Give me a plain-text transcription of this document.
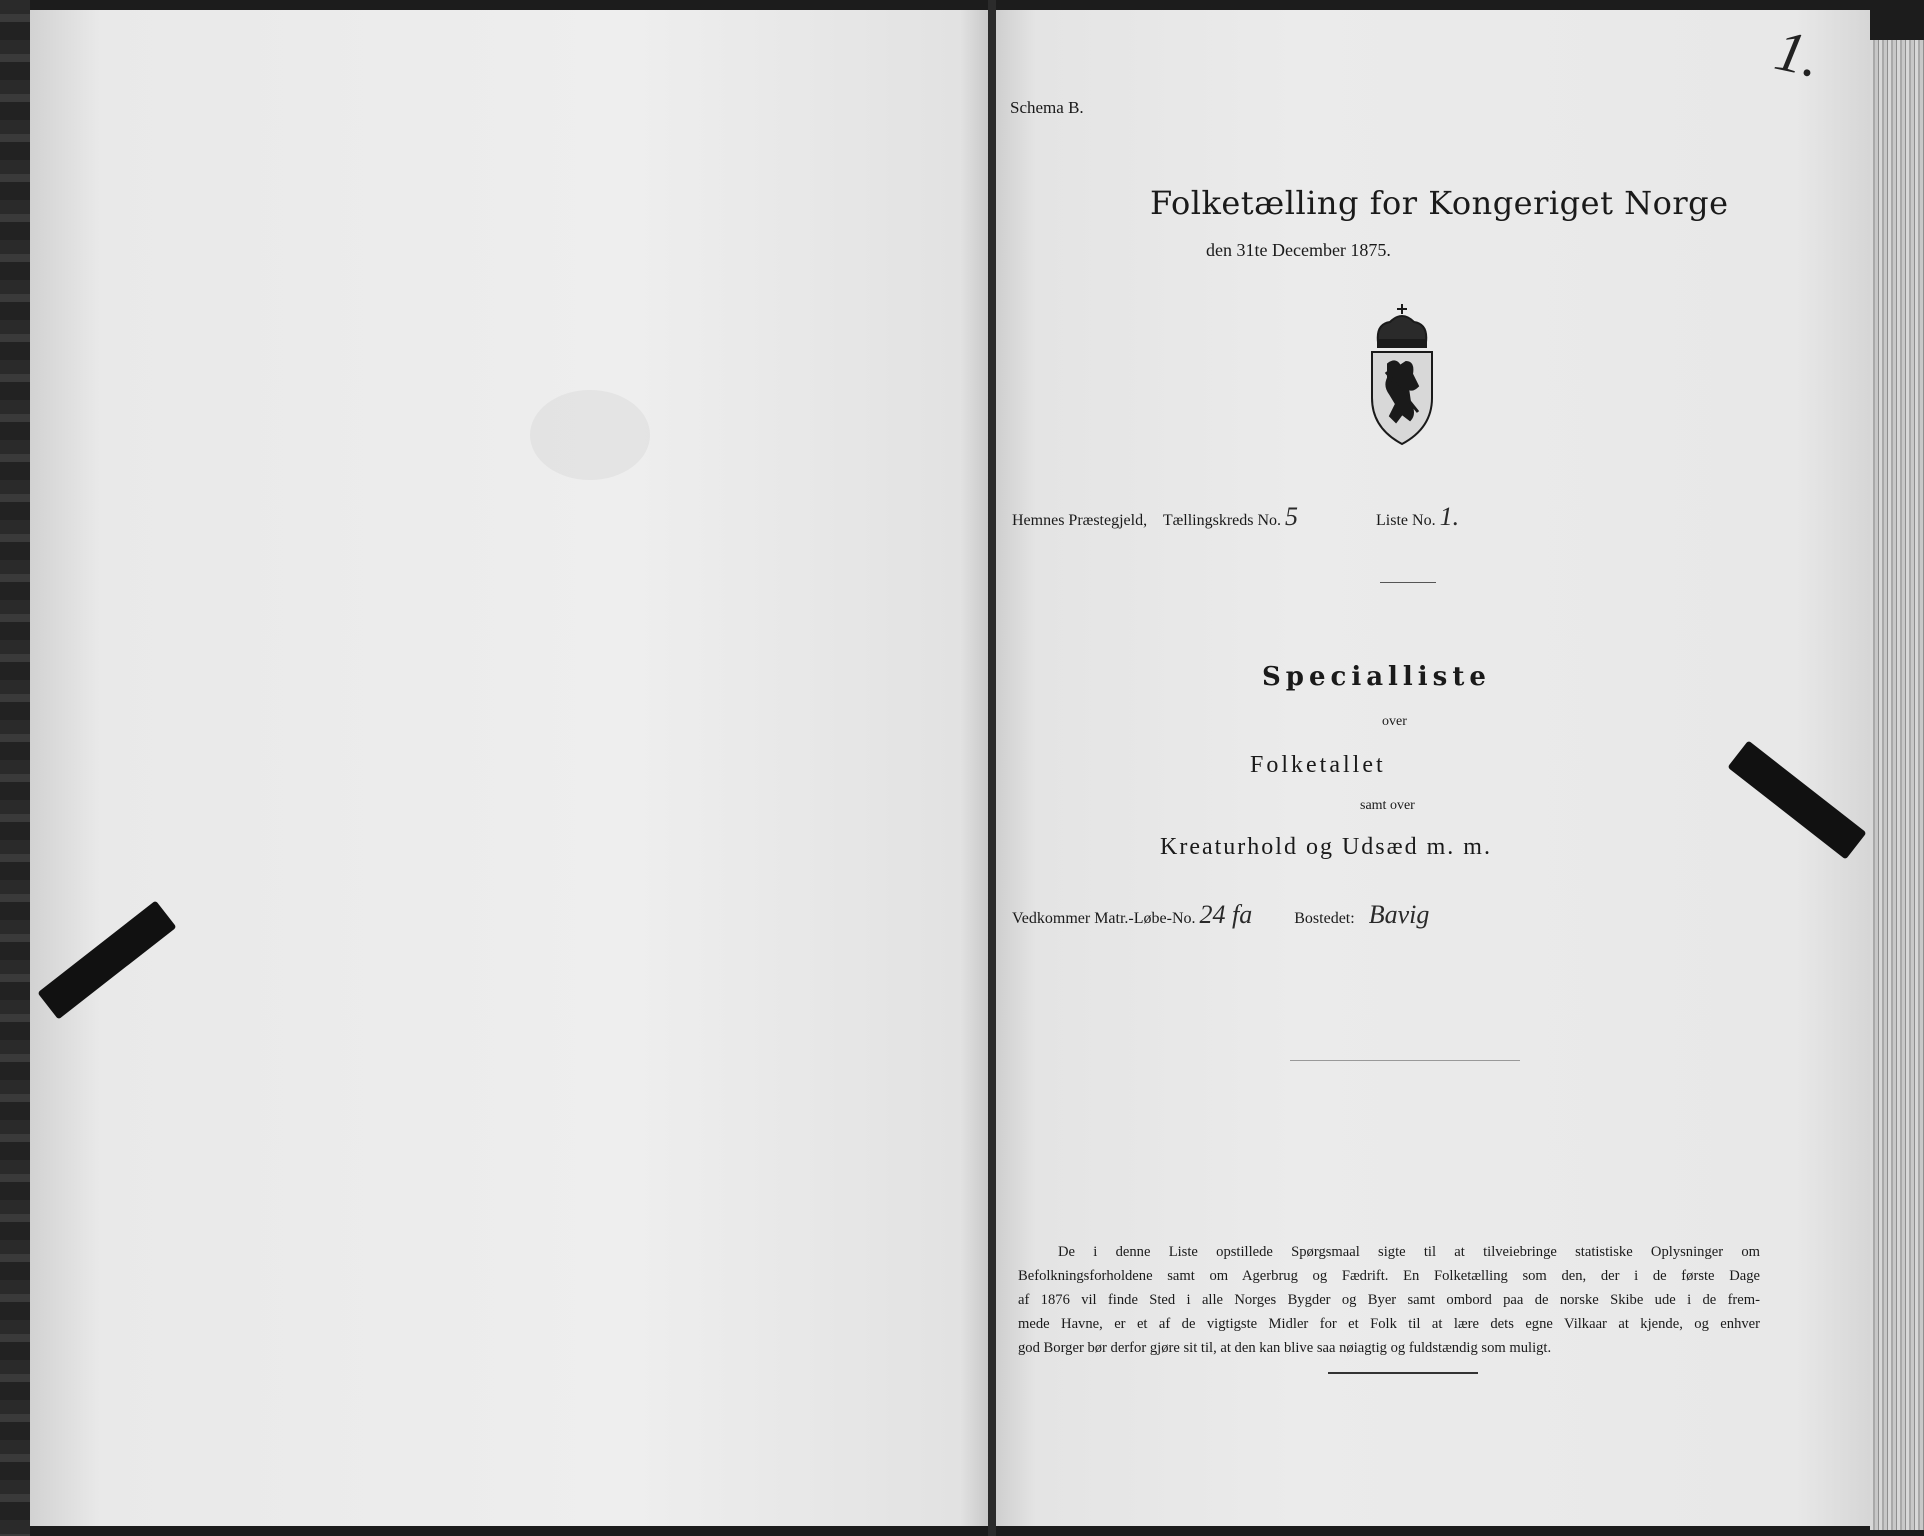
Schema B.
1.
Folketælling for Kongeriget Norge
den 31te December 1875.
Hemnes Præstegjeld, Tællingskreds No. 5	Liste No. 1.
Specialliste
over
Folketallet
samt over
Kreaturhold og Udsæd m. m.
Vedkommer Matr.-Løbe-No. 24 fa	Bostedet: Bavig
De i denne Liste opstillede Spørgsmaal sigte til at tilveiebringe statistiske Oplysninger om
Befolkningsforholdene samt om Agerbrug og Fædrift. En Folketælling som den, der i de første Dage
af 1876 vil finde Sted i alle Norges Bygder og Byer samt ombord paa de norske Skibe ude i de frem-
mede Havne, er et af de vigtigste Midler for et Folk til at lære dets egne Vilkaar at kjende, og enhver
god Borger bør derfor gjøre sit til, at den kan blive saa nøiagtig og fuldstændig som muligt.
